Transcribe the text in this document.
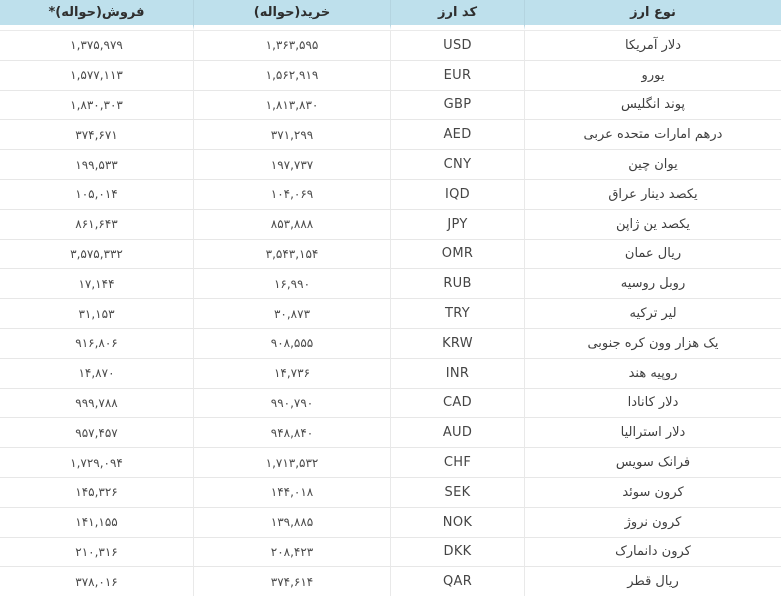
نوع ارز	کد ارز	خرید(حواله)	فروش(حواله)*
دلار آمریکا	USD	۱,۳۶۳,۵۹۵	۱,۳۷۵,۹۷۹
یورو	EUR	۱,۵۶۲,۹۱۹	۱,۵۷۷,۱۱۳
پوند انگلیس	GBP	۱,۸۱۳,۸۳۰	۱,۸۳۰,۳۰۳
درهم امارات متحده عربی	AED	۳۷۱,۲۹۹	۳۷۴,۶۷۱
یوان چین	CNY	۱۹۷,۷۳۷	۱۹۹,۵۳۳
یکصد دینار عراق	IQD	۱۰۴,۰۶۹	۱۰۵,۰۱۴
یکصد ین ژاپن	JPY	۸۵۳,۸۸۸	۸۶۱,۶۴۳
ریال عمان	OMR	۳,۵۴۳,۱۵۴	۳,۵۷۵,۳۳۲
روبل روسیه	RUB	۱۶,۹۹۰	۱۷,۱۴۴
لیر ترکیه	TRY	۳۰,۸۷۳	۳۱,۱۵۳
یک هزار وون کره جنوبی	KRW	۹۰۸,۵۵۵	۹۱۶,۸۰۶
روپیه هند	INR	۱۴,۷۳۶	۱۴,۸۷۰
دلار کانادا	CAD	۹۹۰,۷۹۰	۹۹۹,۷۸۸
دلار استرالیا	AUD	۹۴۸,۸۴۰	۹۵۷,۴۵۷
فرانک سویس	CHF	۱,۷۱۳,۵۳۲	۱,۷۲۹,۰۹۴
کرون سوئد	SEK	۱۴۴,۰۱۸	۱۴۵,۳۲۶
کرون نروژ	NOK	۱۳۹,۸۸۵	۱۴۱,۱۵۵
کرون دانمارک	DKK	۲۰۸,۴۲۳	۲۱۰,۳۱۶
ریال قطر	QAR	۳۷۴,۶۱۴	۳۷۸,۰۱۶
